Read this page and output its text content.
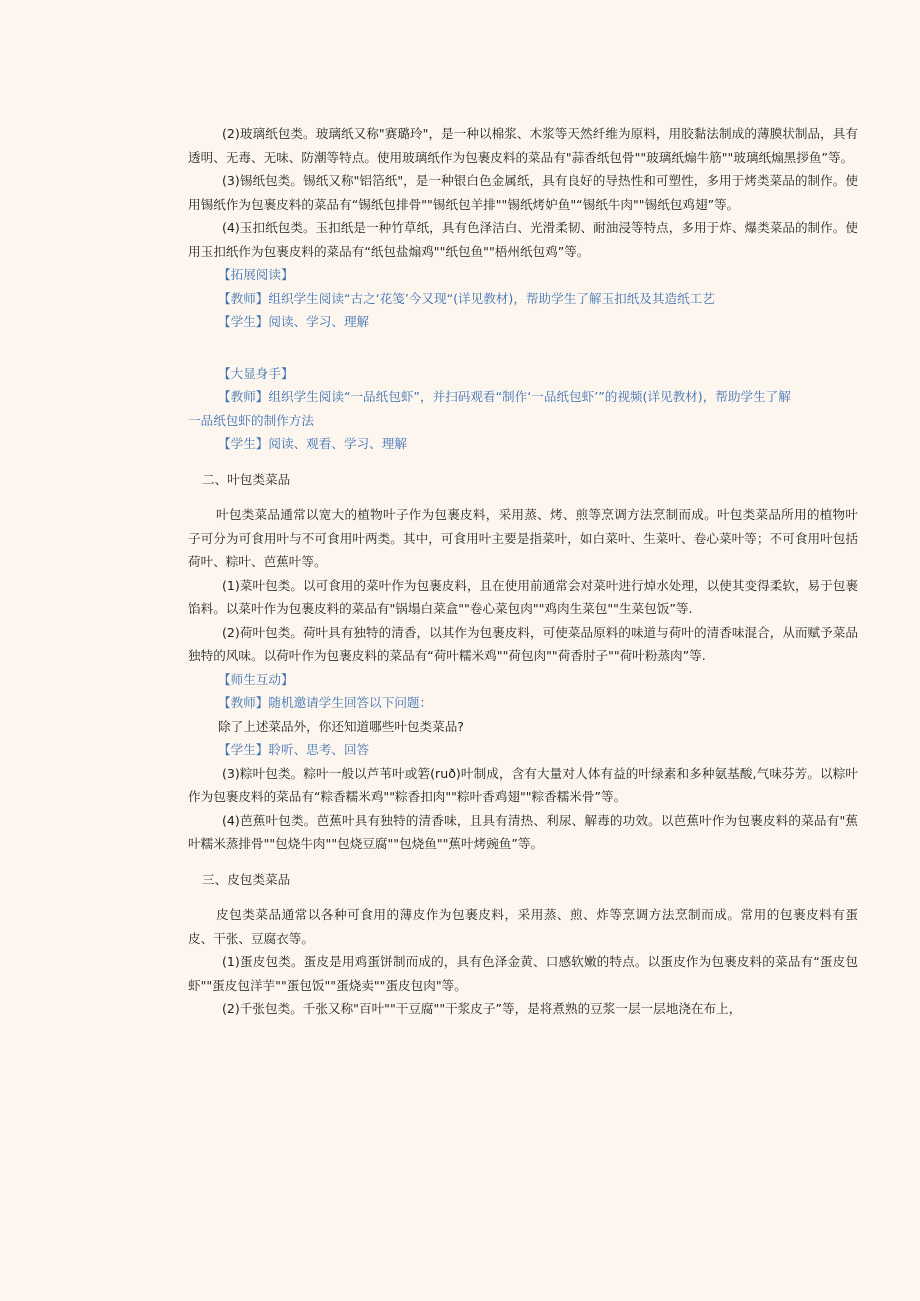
(2)玻璃纸包类。玻璃纸又称"赛璐玲"，是一种以棉浆、木浆等天然纤维为原料，用胶黏法制成的薄膜状制品，具有透明、无毒、无味、防潮等特点。使用玻璃纸作为包裹皮料的菜品有"蒜香纸包骨""玻璃纸煽牛筋""玻璃纸煽黑拶鱼”等。

(3)锡纸包类。锡纸又称"铝箔纸"，是一种银白色金属纸，具有良好的导热性和可塑性，多用于烤类菜品的制作。使用锡纸作为包裹皮料的菜品有“锡纸包排骨""锡纸包羊排""锡纸烤妒鱼"“锡纸牛肉""锡纸包鸡翅”等。

(4)玉扣纸包类。玉扣纸是一种竹草纸，具有色泽洁白、光滑柔韧、耐油浸等特点，多用于炸、爆类菜品的制作。使用玉扣纸作为包裹皮料的菜品有“纸包盐煽鸡""纸包鱼""梧州纸包鸡”等。

【拓展阅读】

【教师】组织学生阅读“古之‘花笺’今又现“(详见教材)，帮助学生了解玉扣纸及其造纸工艺

【学生】阅读、学习、理解

【大显身手】

【教师】组织学生阅读“一品纸包虾”，并扫码观看“制作‘一品纸包虾’”的视频(详见教材)，帮助学生了解

一品纸包虾的制作方法

【学生】阅读、观看、学习、理解

二、叶包类菜品

叶包类菜品通常以宽大的植物叶子作为包裹皮料，采用蒸、烤、煎等烹调方法烹制而成。叶包类菜品所用的植物叶子可分为可食用叶与不可食用叶两类。其中，可食用叶主要是指菜叶，如白菜叶、生菜叶、卷心菜叶等；不可食用叶包括荷叶、粽叶、芭蕉叶等。

(1)菜叶包类。以可食用的菜叶作为包裹皮料，且在使用前通常会对菜叶进行焯水处理，以使其变得柔软，易于包裹馅料。以菜叶作为包裹皮料的菜品有"锅塌白菜盒""卷心菜包肉""鸡肉生菜包""生菜包饭”等.

(2)荷叶包类。荷叶具有独特的清香，以其作为包裹皮料，可使菜品原料的味道与荷叶的清香味混合，从而赋予菜品独特的风味。以荷叶作为包裹皮料的菜品有“荷叶糯米鸡""荷包肉""荷香肘子""荷叶粉蒸肉”等.

【师生互动】

【教师】随机邀请学生回答以下问题：

除了上述菜品外，你还知道哪些叶包类菜品?

【学生】聆听、思考、回答

(3)粽叶包类。粽叶一般以芦苇叶或箬(ruð)叶制成，含有大量对人体有益的叶绿素和多种氨基酸,气味芬芳。以粽叶作为包裹皮料的菜品有“粽香糯米鸡""粽香扣肉""粽叶香鸡翅""粽香糯米骨”等。

(4)芭蕉叶包类。芭蕉叶具有独特的清香味，且具有清热、利尿、解毒的功效。以芭蕉叶作为包裹皮料的菜品有"蕉叶糯米蒸排骨""包烧牛肉""包烧豆腐""包烧鱼""蕉叶烤豌鱼”等。

三、皮包类菜品

皮包类菜品通常以各种可食用的薄皮作为包裹皮料，采用蒸、煎、炸等烹调方法烹制而成。常用的包裹皮料有蛋皮、干张、豆腐衣等。

(1)蛋皮包类。蛋皮是用鸡蛋饼制而成的，具有色泽金黄、口感软嫩的特点。以蛋皮作为包裹皮料的菜品有“蛋皮包虾""蛋皮包洋芋""蛋包饭""蛋烧卖""蛋皮包肉"等。

(2)千张包类。千张又称"百叶""干豆腐""干浆皮子”等，是将煮熟的豆浆一层一层地浇在布上，
